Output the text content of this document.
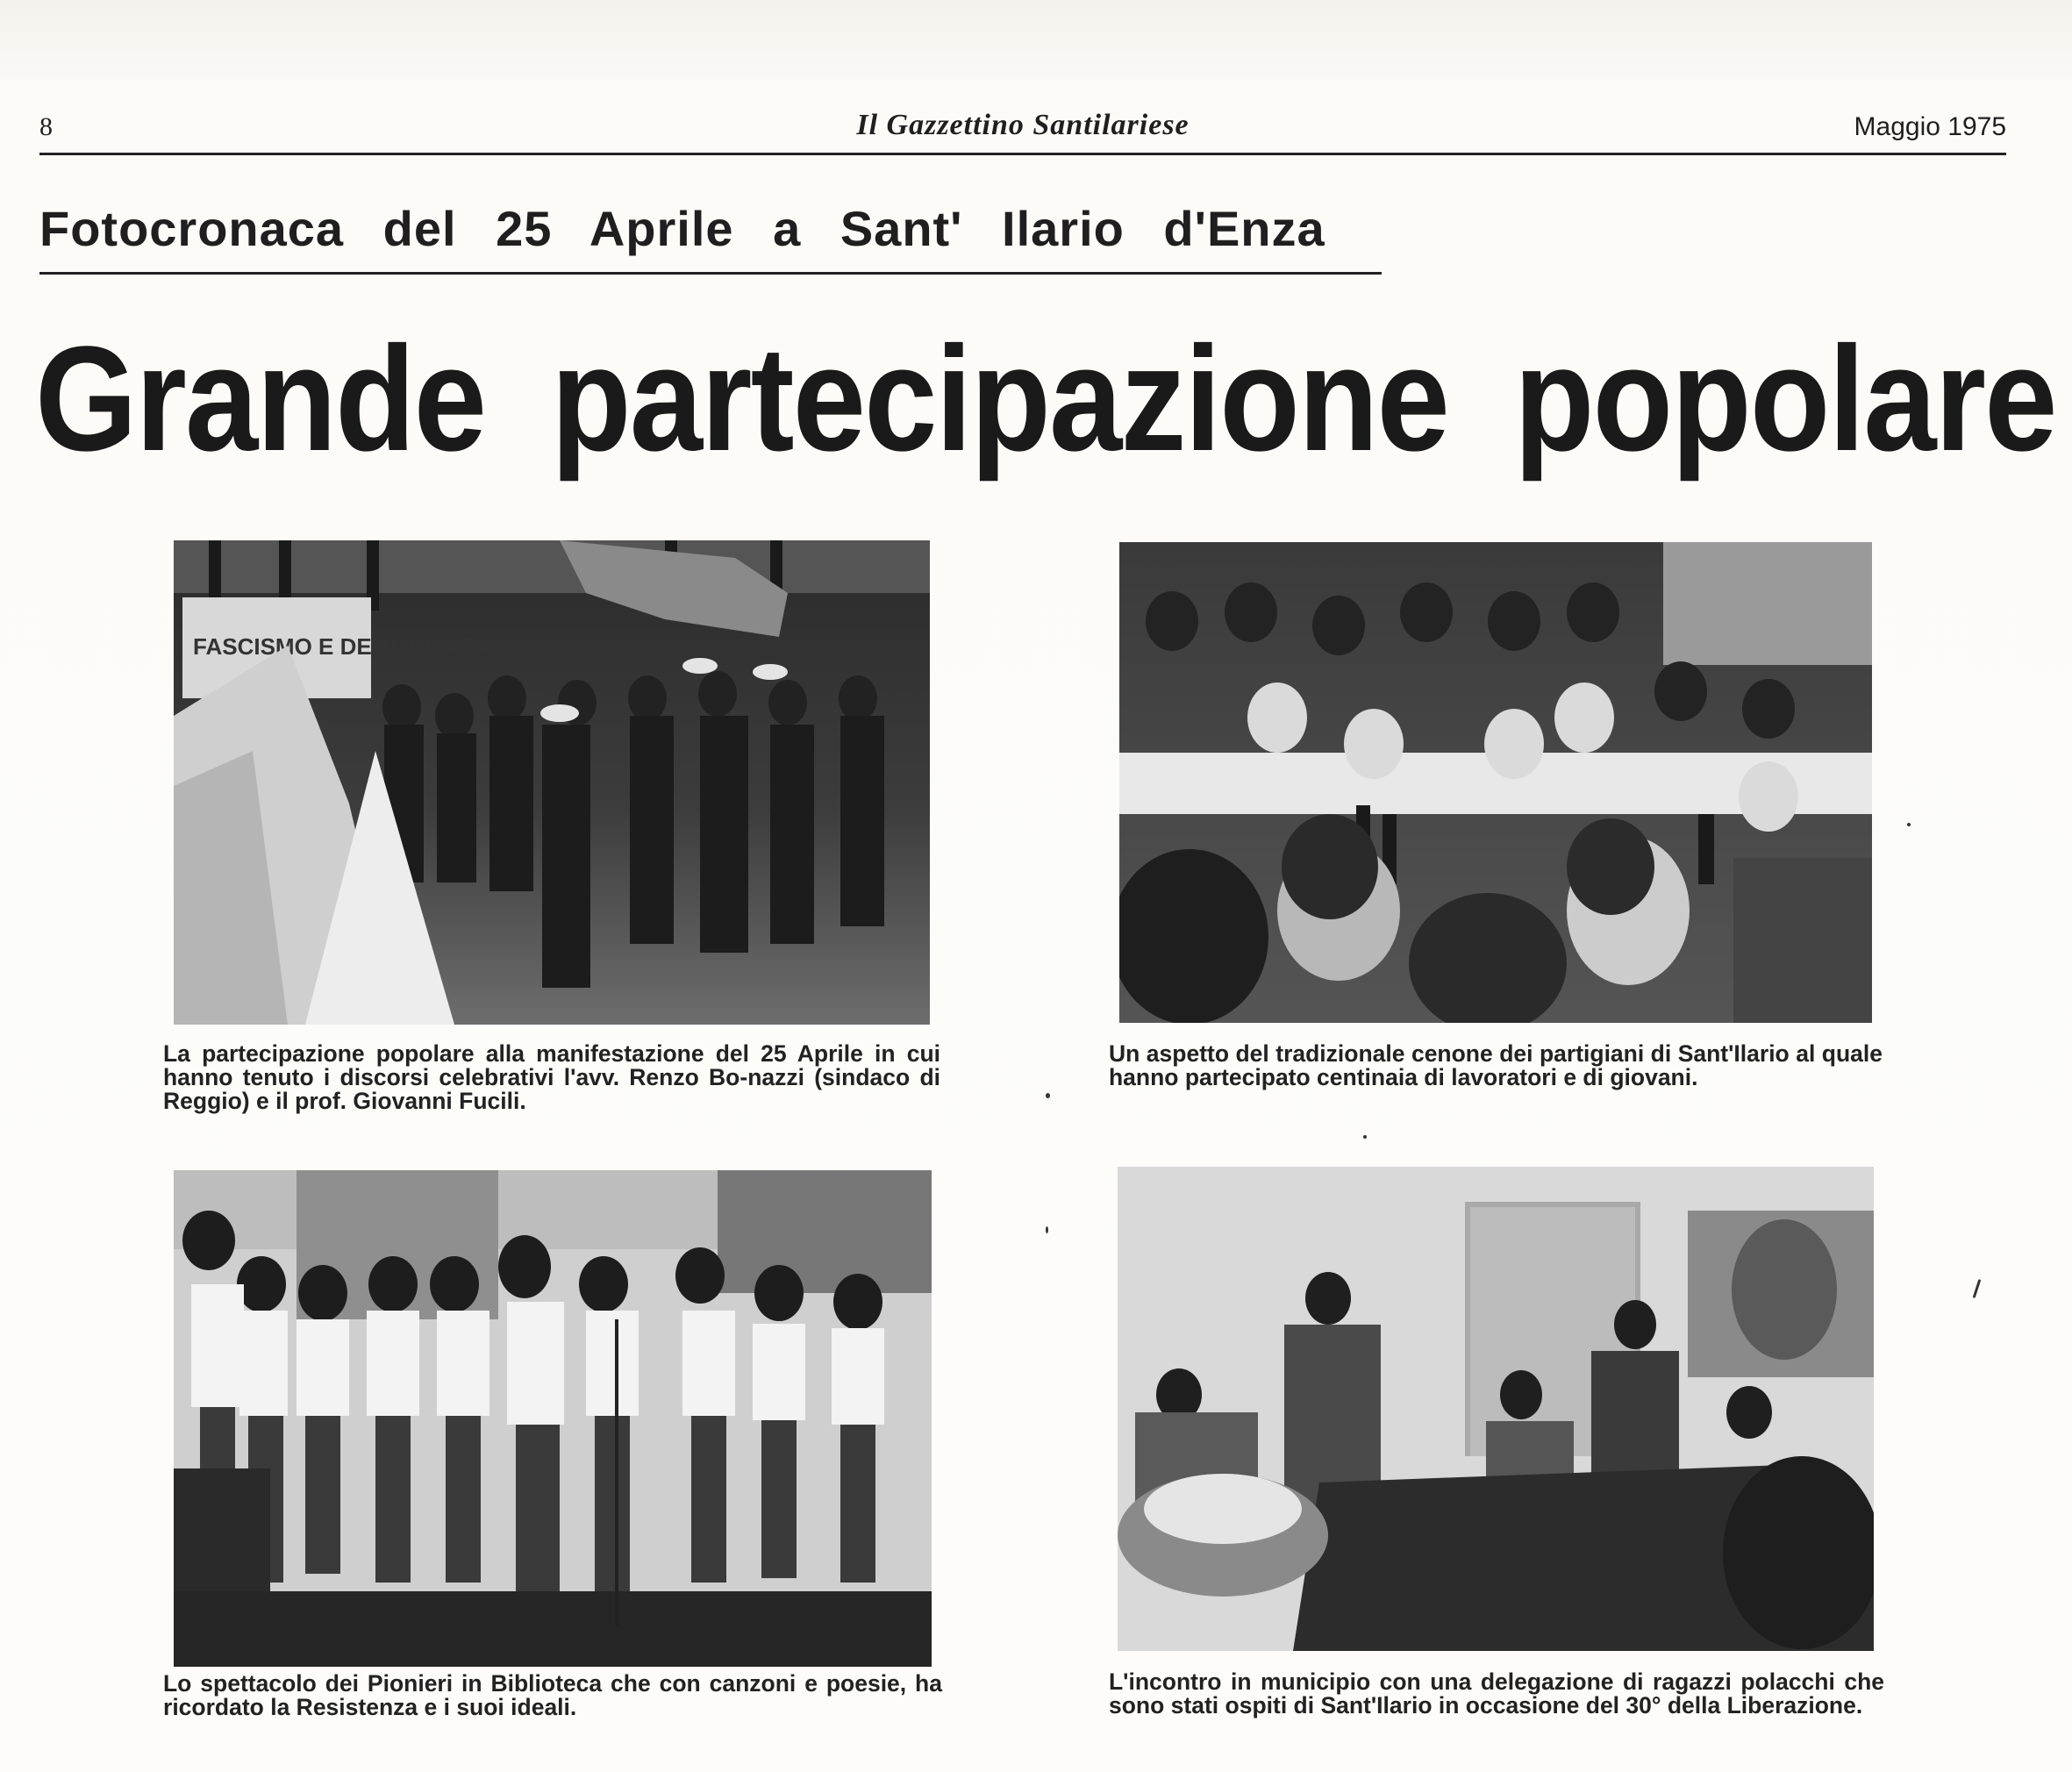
8	Il Gazzettino Santilariese	Maggio 1975
Fotocronaca del 25 Aprile a Sant' Ilario d'Enza
Grande partecipazione popolare
FASCISMO E DEMOCRAZIA
La partecipazione popolare alla manifestazione del 25 Aprile in cui hanno tenuto i discorsi celebrativi l'avv. Renzo Bo-nazzi (sindaco di Reggio) e il prof. Giovanni Fucili.
Un aspetto del tradizionale cenone dei partigiani di Sant'Ilario al quale hanno partecipato centinaia di lavoratori e di giovani.
Lo spettacolo dei Pionieri in Biblioteca che con canzoni e poesie, ha ricordato la Resistenza e i suoi ideali.
L'incontro in municipio con una delegazione di ragazzi polacchi che sono stati ospiti di Sant'Ilario in occasione del 30° della Liberazione.
